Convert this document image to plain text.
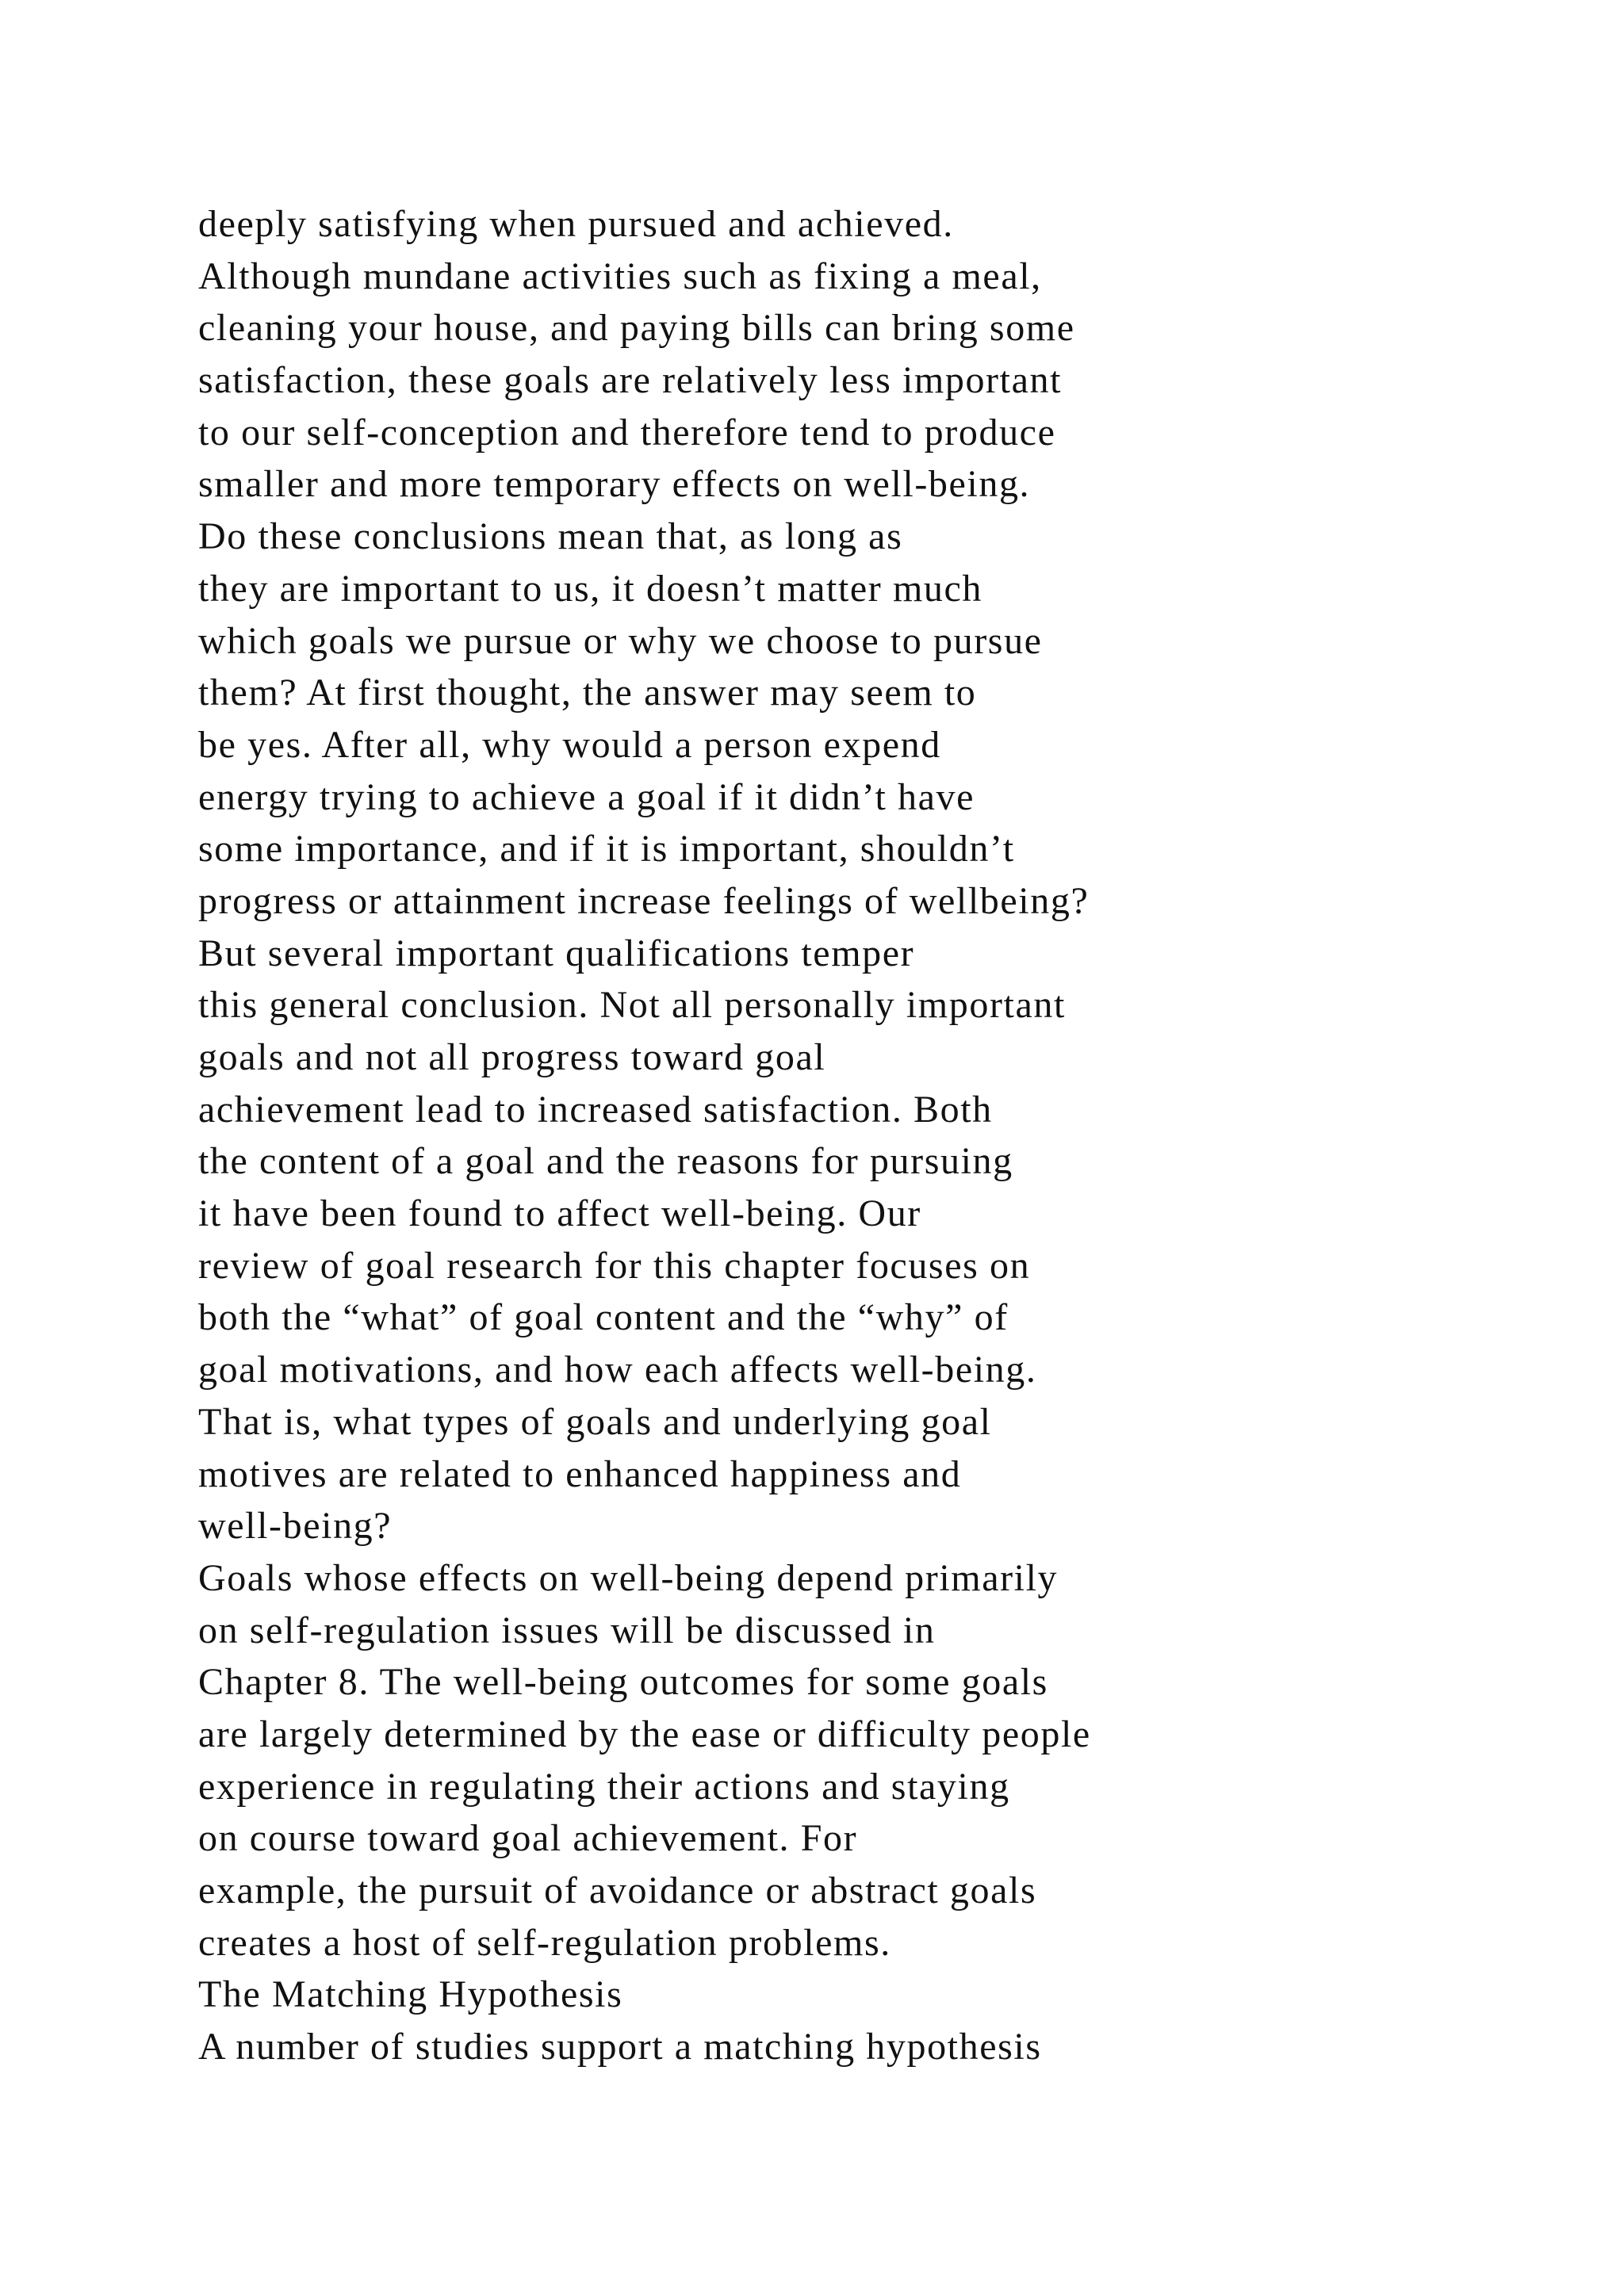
deeply satisfying when pursued and achieved.
Although mundane activities such as fixing a meal,
cleaning your house, and paying bills can bring some
satisfaction, these goals are relatively less important
to our self-conception and therefore tend to produce
smaller and more temporary effects on well-being.
Do these conclusions mean that, as long as
they are important to us, it doesn’t matter much
which goals we pursue or why we choose to pursue
them? At first thought, the answer may seem to
be yes. After all, why would a person expend
energy trying to achieve a goal if it didn’t have
some importance, and if it is important, shouldn’t
progress or attainment increase feelings of wellbeing?
But several important qualifications temper
this general conclusion. Not all personally important
goals and not all progress toward goal
achievement lead to increased satisfaction. Both
the content of a goal and the reasons for pursuing
it have been found to affect well-being. Our
review of goal research for this chapter focuses on
both the “what” of goal content and the “why” of
goal motivations, and how each affects well-being.
That is, what types of goals and underlying goal
motives are related to enhanced happiness and
well-being?
Goals whose effects on well-being depend primarily
on self-regulation issues will be discussed in
Chapter 8. The well-being outcomes for some goals
are largely determined by the ease or difficulty people
experience in regulating their actions and staying
on course toward goal achievement. For
example, the pursuit of avoidance or abstract goals
creates a host of self-regulation problems.
The Matching Hypothesis
A number of studies support a matching hypothesis
